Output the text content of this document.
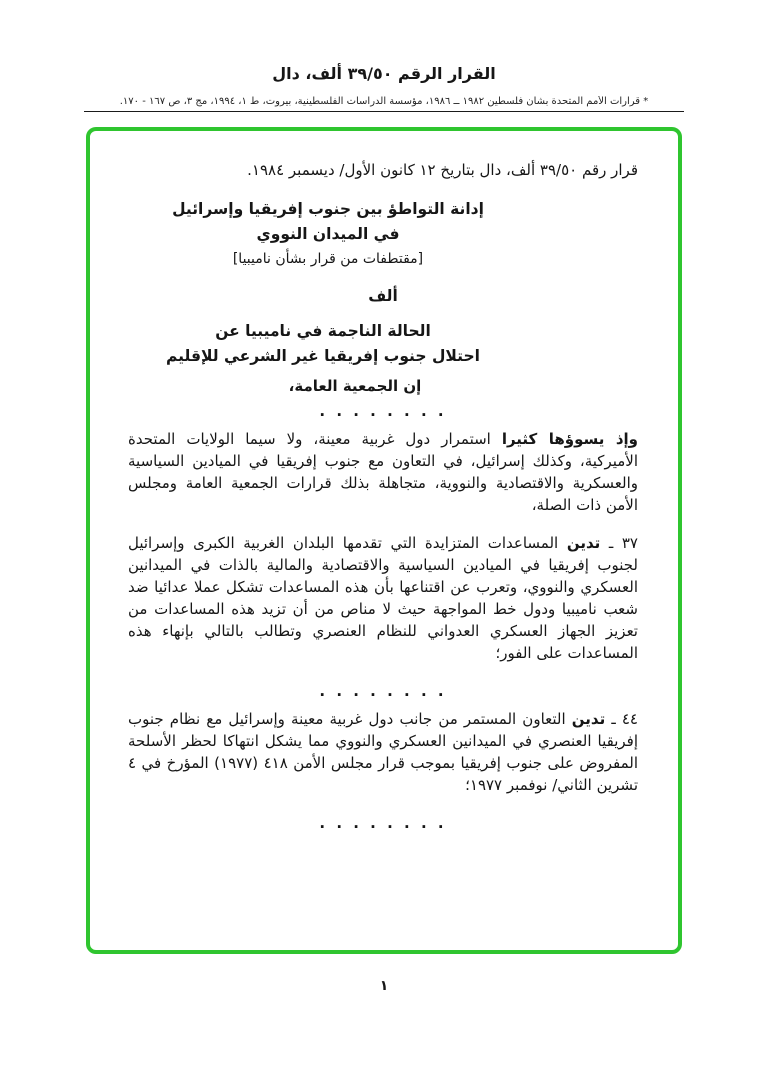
القرار الرقم ٣٩/٥٠ ألف، دال
* قرارات الأمم المتحدة بشأن فلسطين ١٩٨٢ ــ ١٩٨٦، مؤسسة الدراسات الفلسطينية، بيروت، ط ١، ١٩٩٤، مج ٣، ص ١٦٧ - ١٧٠.

قرار رقم ٣٩/٥٠ ألف، دال بتاريخ ١٢ كانون الأول/ ديسمبر ١٩٨٤.

إدانة التواطؤ بين جنوب إفريقيا وإسرائيل
في الميدان النووي
[مقتطفات من قرار بشأن ناميبيا]
ألف
الحالة الناجمة في ناميبيا عن
احتلال جنوب إفريقيا غير الشرعي للإقليم
إن الجمعية العامة،
. . . . . . . .

وإذ يسوؤها كثيرا استمرار دول غربية معينة، ولا سيما الولايات المتحدة الأميركية، وكذلك إسرائيل، في التعاون مع جنوب إفريقيا في الميادين السياسية والعسكرية والاقتصادية والنووية، متجاهلة بذلك قرارات الجمعية العامة ومجلس الأمن ذات الصلة،

٣٧ ـ تدين المساعدات المتزايدة التي تقدمها البلدان الغربية الكبرى وإسرائيل لجنوب إفريقيا في الميادين السياسية والاقتصادية والمالية بالذات في الميدانين العسكري والنووي، وتعرب عن اقتناعها بأن هذه المساعدات تشكل عملا عدائيا ضد شعب ناميبيا ودول خط المواجهة حيث لا مناص من أن تزيد هذه المساعدات من تعزيز الجهاز العسكري العدواني للنظام العنصري وتطالب بالتالي بإنهاء هذه المساعدات على الفور؛

. . . . . . . .

٤٤ ـ تدين التعاون المستمر من جانب دول غربية معينة وإسرائيل مع نظام جنوب إفريقيا العنصري في الميدانين العسكري والنووي مما يشكل انتهاكا لحظر الأسلحة المفروض على جنوب إفريقيا بموجب قرار مجلس الأمن ٤١٨ (١٩٧٧) المؤرخ في ٤ تشرين الثاني/ نوفمبر ١٩٧٧؛

. . . . . . . .
١
